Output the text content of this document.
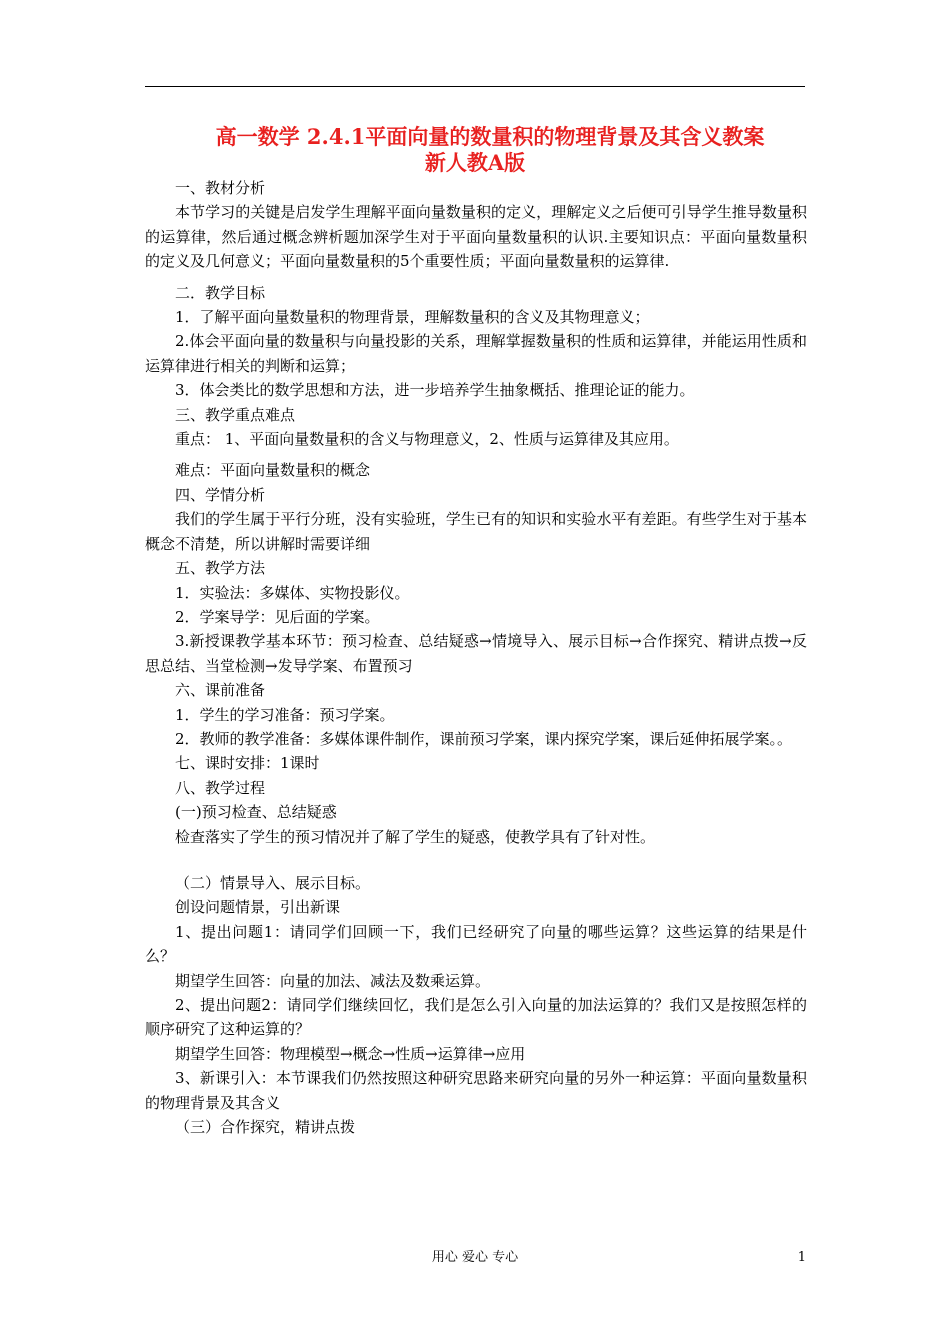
高一数学 2.4.1平面向量的数量积的物理背景及其含义教案
新人教A版

一、教材分析

本节学习的关键是启发学生理解平面向量数量积的定义，理解定义之后便可引导学生推导数量积的运算律，然后通过概念辨析题加深学生对于平面向量数量积的认识.主要知识点：平面向量数量积的定义及几何意义；平面向量数量积的5个重要性质；平面向量数量积的运算律.

二．教学目标

1．了解平面向量数量积的物理背景，理解数量积的含义及其物理意义；

2.体会平面向量的数量积与向量投影的关系，理解掌握数量积的性质和运算律，并能运用性质和运算律进行相关的判断和运算；

3．体会类比的数学思想和方法，进一步培养学生抽象概括、推理论证的能力。

三、教学重点难点

重点： 1、平面向量数量积的含义与物理意义，2、性质与运算律及其应用。

难点：平面向量数量积的概念

四、学情分析

我们的学生属于平行分班，没有实验班，学生已有的知识和实验水平有差距。有些学生对于基本概念不清楚，所以讲解时需要详细

五、教学方法

1．实验法：多媒体、实物投影仪。

2．学案导学：见后面的学案。

3.新授课教学基本环节：预习检查、总结疑惑→情境导入、展示目标→合作探究、精讲点拨→反思总结、当堂检测→发导学案、布置预习

六、课前准备

1．学生的学习准备：预习学案。

2．教师的教学准备：多媒体课件制作，课前预习学案，课内探究学案，课后延伸拓展学案。。

七、课时安排：1课时

八、教学过程

(一)预习检查、总结疑惑

检查落实了学生的预习情况并了解了学生的疑惑，使教学具有了针对性。

（二）情景导入、展示目标。

创设问题情景，引出新课

1、提出问题1：请同学们回顾一下，我们已经研究了向量的哪些运算？这些运算的结果是什么？

期望学生回答：向量的加法、减法及数乘运算。

2、提出问题2：请同学们继续回忆，我们是怎么引入向量的加法运算的？我们又是按照怎样的顺序研究了这种运算的？

期望学生回答：物理模型→概念→性质→运算律→应用

3、新课引入：本节课我们仍然按照这种研究思路来研究向量的另外一种运算：平面向量数量积的物理背景及其含义

（三）合作探究，精讲点拨

用心 爱心 专心	1
